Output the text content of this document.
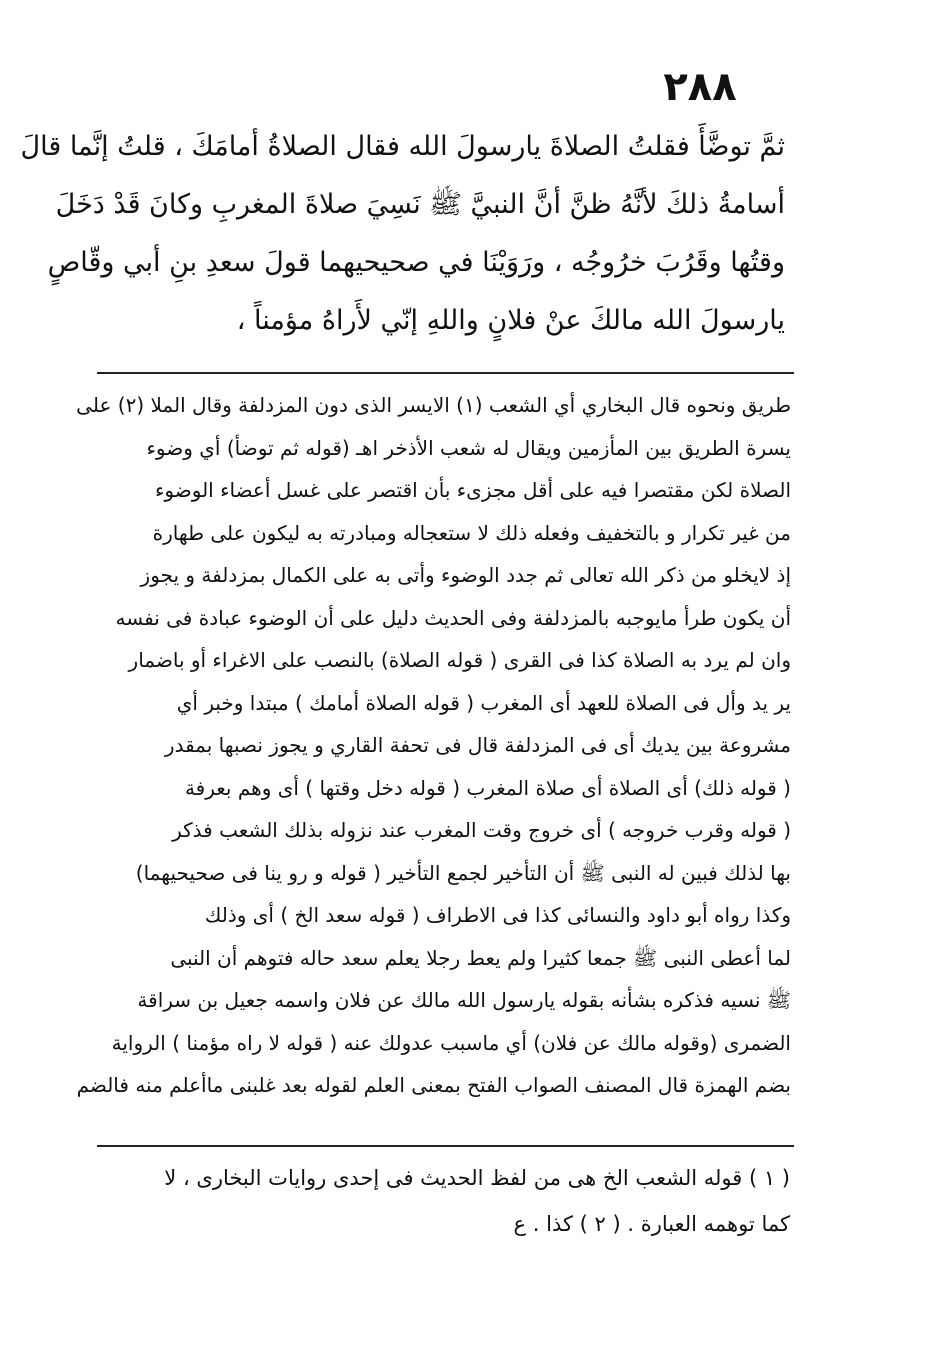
٢٨٨
ثمَّ توضَّأَ فقلتُ الصلاةَ يارسولَ الله فقال الصلاةُ أمامَكَ ، قلتُ إنَّما قالَ
أسامةُ ذلكَ لأنَّهُ ظنَّ أنَّ النبيَّ ﷺ نَسِيَ صلاةَ المغربِ وكانَ قَدْ دَخَلَ
وقتُها وقَرُبَ خرُوجُه ، ورَوَيْنَا في صحيحيهما قولَ سعدِ بنِ أبي وقّاصٍ
يارسولَ الله مالكَ عنْ فلانٍ واللهِ إنّي لأَراهُ مؤمناً ،
طريق ونحوه قال البخاري أي الشعب (١) الايسر الذى دون المزدلفة وقال الملا (٢) على
يسرة الطريق بين المأزمين ويقال له شعب الأذخر اهـ (قوله ثم توضأ) أي وضوء
الصلاة لكن مقتصرا فيه على أقل مجزىء بأن اقتصر على غسل أعضاء الوضوء
من غير تكرار و بالتخفيف وفعله ذلك لا ستعجاله ومبادرته به ليكون على طهارة
إذ لايخلو من ذكر الله تعالى ثم جدد الوضوء وأتى به على الكمال بمزدلفة و يجوز
أن يكون طرأ مايوجبه بالمزدلفة وفى الحديث دليل على أن الوضوء عبادة فى نفسه
وان لم يرد به الصلاة كذا فى القرى ( قوله الصلاة) بالنصب على الاغراء أو باضمار
ير يد وأل فى الصلاة للعهد أى المغرب ( قوله الصلاة أمامك ) مبتدا وخبر أي
مشروعة بين يديك أى فى المزدلفة قال فى تحفة القاري و يجوز نصبها بمقدر
( قوله ذلك) أى الصلاة أى صلاة المغرب ( قوله دخل وقتها ) أى وهم بعرفة
( قوله وقرب خروجه ) أى خروج وقت المغرب عند نزوله بذلك الشعب فذكر
بها لذلك فبين له النبى ﷺ أن التأخير لجمع التأخير ( قوله و رو ينا فى صحيحيهما)
وكذا رواه أبو داود والنسائى كذا فى الاطراف ( قوله سعد الخ ) أى وذلك
لما أعطى النبى ﷺ جمعا كثيرا ولم يعط رجلا يعلم سعد حاله فتوهم أن النبى
ﷺ نسيه فذكره بشأنه بقوله يارسول الله مالك عن فلان واسمه جعيل بن سراقة
الضمرى (وقوله مالك عن فلان) أي ماسبب عدولك عنه ( قوله لا راه مؤمنا ) الرواية
بضم الهمزة قال المصنف الصواب الفتح بمعنى العلم لقوله بعد غلبنى ماأعلم منه فالضم
( ١ ) قوله الشعب الخ هى من لفظ الحديث فى إحدى روايات البخارى ، لا
كما توهمه العبارة . ( ٢ ) كذا . ع
